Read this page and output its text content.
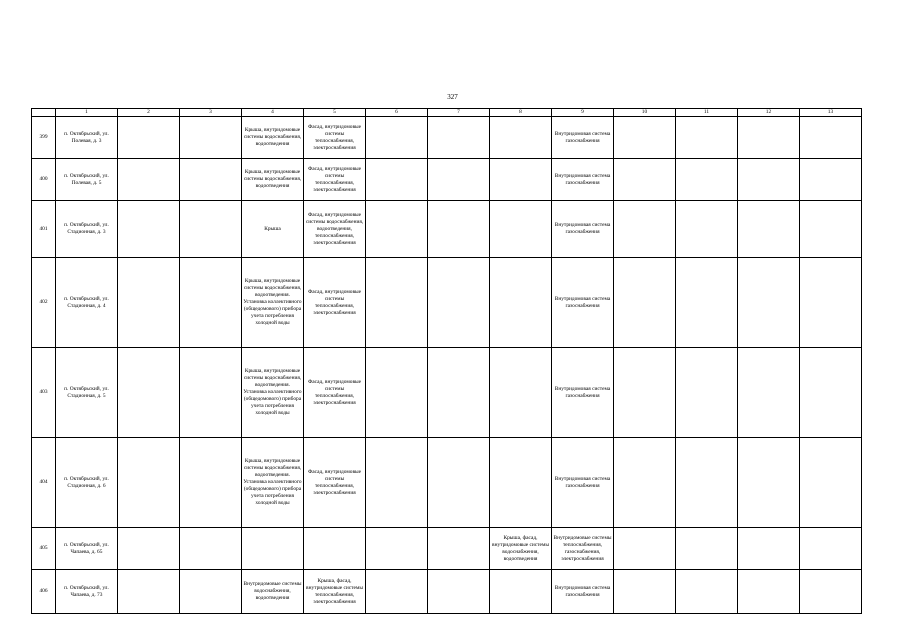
327
	1	2	3	4	5	6	7	8	9	10	11	12	13

399	п. Октябрьский, ул. Полевая, д. 3			Крыша, внутридомовые системы водоснабжения, водоотведения	Фасад, внутридомовые системы теплоснабжения, электроснабжения				Внутридомовая система газоснабжения				

400	п. Октябрьский, ул. Полевая, д. 5			Крыша, внутридомовые системы водоснабжения, водоотведения	Фасад, внутридомовые системы теплоснабжения, электроснабжения				Внутридомовая система газоснабжения				

401	п. Октябрьский, ул. Стадионная, д. 3			Крыша	Фасад, внутридомовые системы водоснабжения, водоотведения, теплоснабжения, электроснабжения				Внутридомовая система газоснабжения				

402	п. Октябрьский, ул. Стадионная, д. 4			Крыша, внутридомовые системы водоснабжения, водоотведения. Установка коллективного (общедомового) прибора учета потребления холодной воды	Фасад, внутридомовые системы теплоснабжения, электроснабжения				Внутридомовая система газоснабжения				

403	п. Октябрьский, ул. Стадионная, д. 5			Крыша, внутридомовые системы водоснабжения, водоотведения. Установка коллективного (общедомового) прибора учета потребления холодной воды	Фасад, внутридомовые системы теплоснабжения, электроснабжения				Внутридомовая система газоснабжения				

404	п. Октябрьский, ул. Стадионная, д. 6			Крыша, внутридомовые системы водоснабжения, водоотведения. Установка коллективного (общедомового) прибора учета потребления холодной воды	Фасад, внутридомовые системы теплоснабжения, электроснабжения				Внутридомовая система газоснабжения				

405	п. Октябрьский, ул. Чапаева, д. 65							Крыша, фасад, внутридомовые системы водоснабжения, водоотведения	Внутридомовые системы теплоснабжения, газоснабжения, электроснабжения				

406	п. Октябрьский, ул. Чапаева, д. 73			Внутридомовые системы водоснабжения, водоотведения	Крыша, фасад, внутридомовые системы теплоснабжения, электроснабжения				Внутридомовая система газоснабжения				
